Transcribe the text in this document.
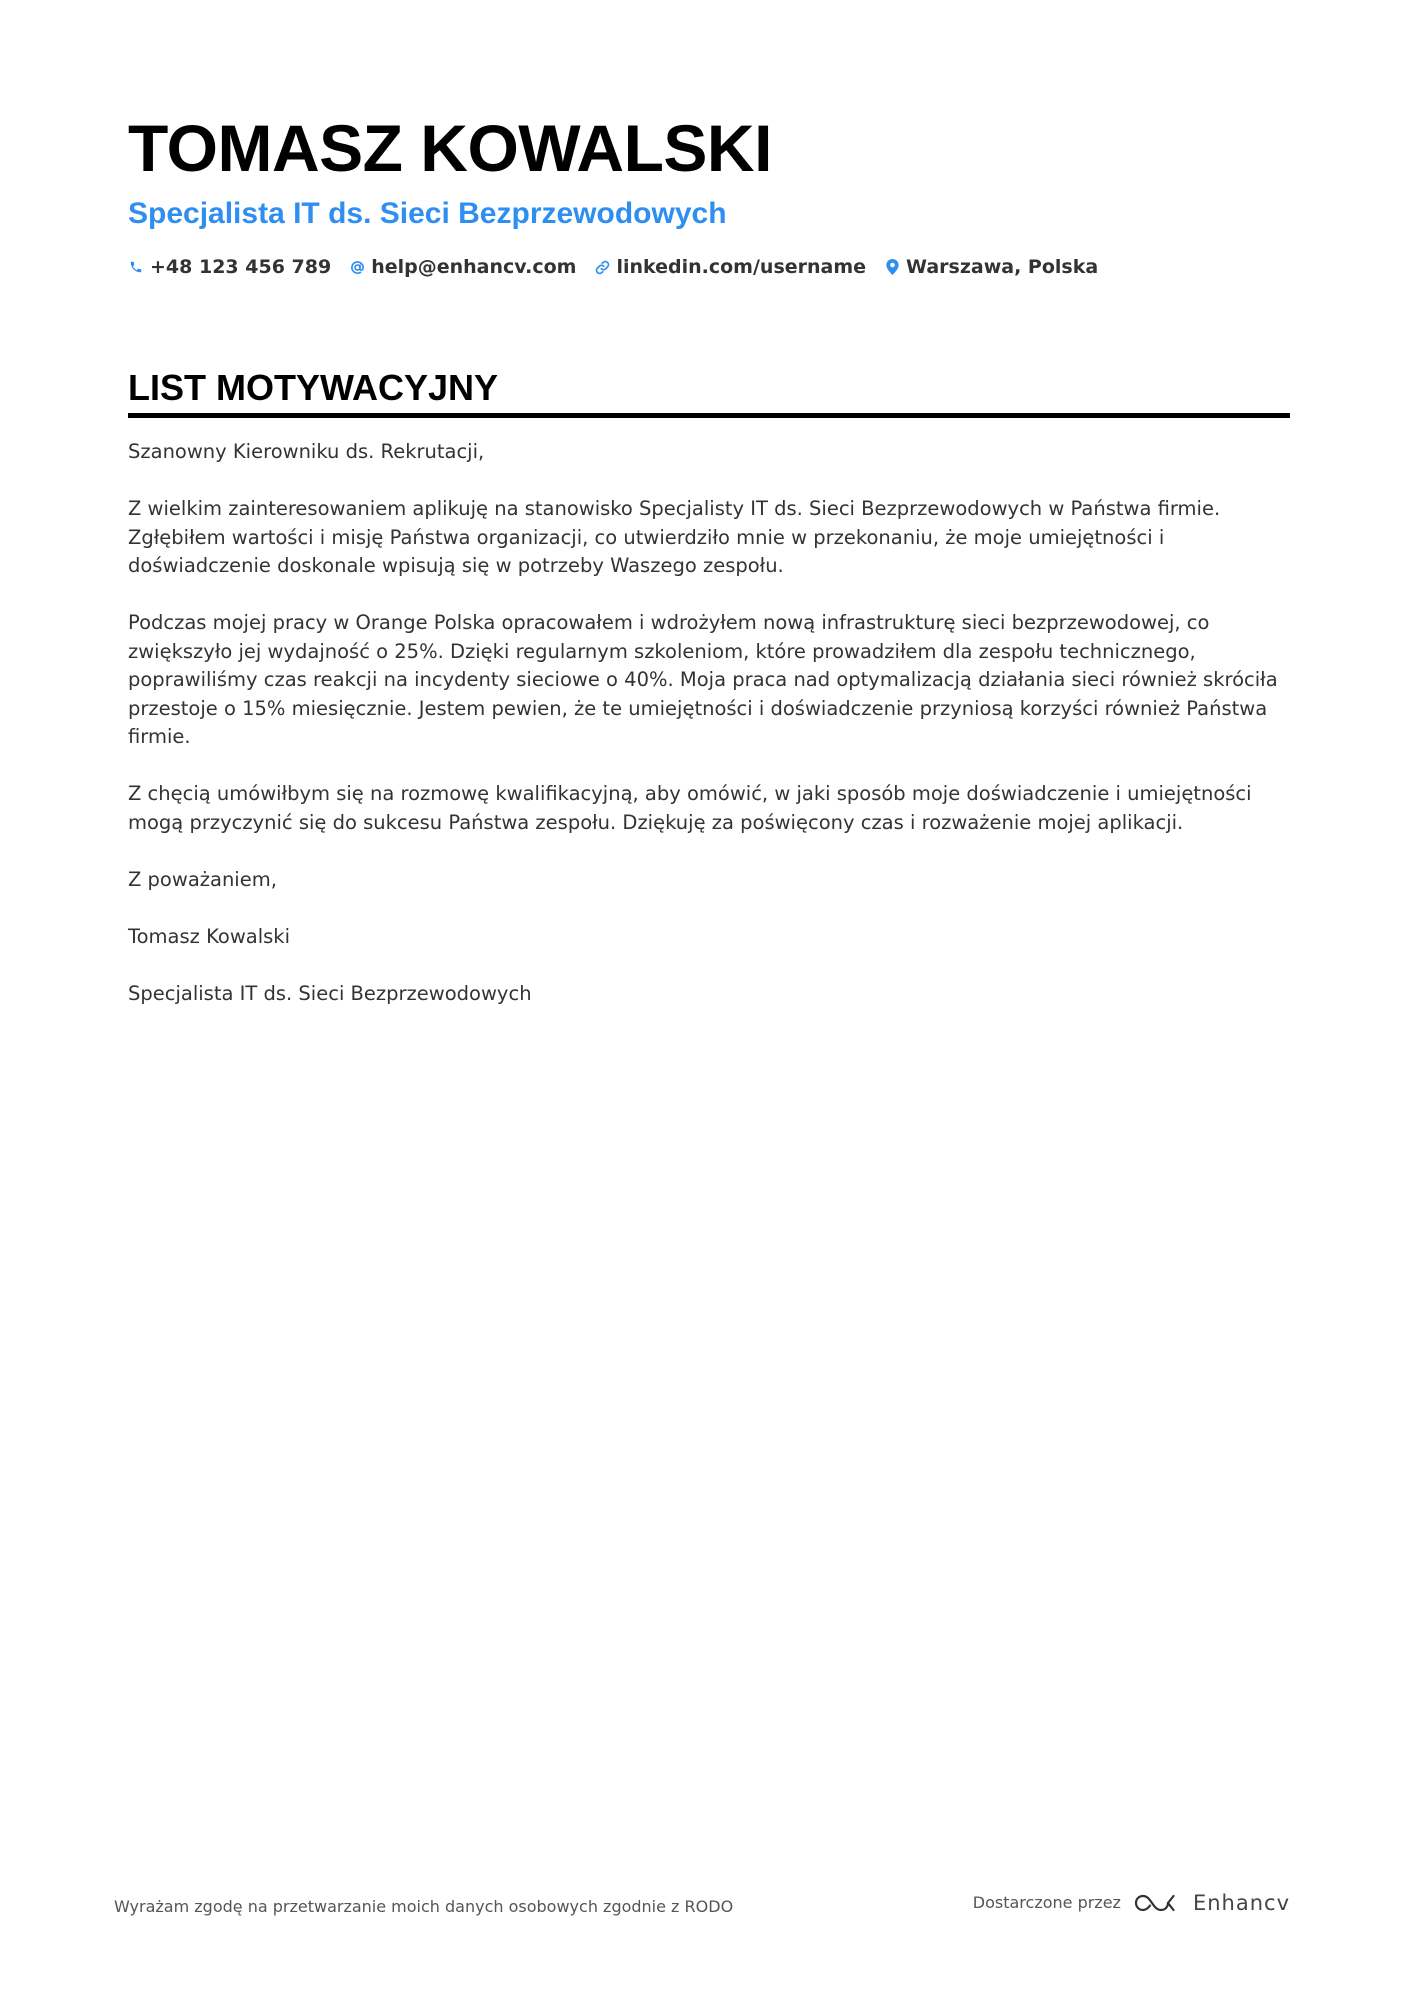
TOMASZ KOWALSKI
Specjalista IT ds. Sieci Bezprzewodowych
+48 123 456 789 help@enhancv.com linkedin.com/username Warszawa, Polska
LIST MOTYWACYJNY

Szanowny Kierowniku ds. Rekrutacji,

Z wielkim zainteresowaniem aplikuję na stanowisko Specjalisty IT ds. Sieci Bezprzewodowych w Państwa firmie. Zgłębiłem wartości i misję Państwa organizacji, co utwierdziło mnie w przekonaniu, że moje umiejętności i doświadczenie doskonale wpisują się w potrzeby Waszego zespołu.

Podczas mojej pracy w Orange Polska opracowałem i wdrożyłem nową infrastrukturę sieci bezprzewodowej, co zwiększyło jej wydajność o 25%. Dzięki regularnym szkoleniom, które prowadziłem dla zespołu technicznego, poprawiliśmy czas reakcji na incydenty sieciowe o 40%. Moja praca nad optymalizacją działania sieci również skróciła przestoje o 15% miesięcznie. Jestem pewien, że te umiejętności i doświadczenie przyniosą korzyści również Państwa firmie.

Z chęcią umówiłbym się na rozmowę kwalifikacyjną, aby omówić, w jaki sposób moje doświadczenie i umiejętności mogą przyczynić się do sukcesu Państwa zespołu. Dziękuję za poświęcony czas i rozważenie mojej aplikacji.

Z poważaniem,

Tomasz Kowalski

Specjalista IT ds. Sieci Bezprzewodowych

Wyrażam zgodę na przetwarzanie moich danych osobowych zgodnie z RODO	Dostarczone przez	Enhancv
